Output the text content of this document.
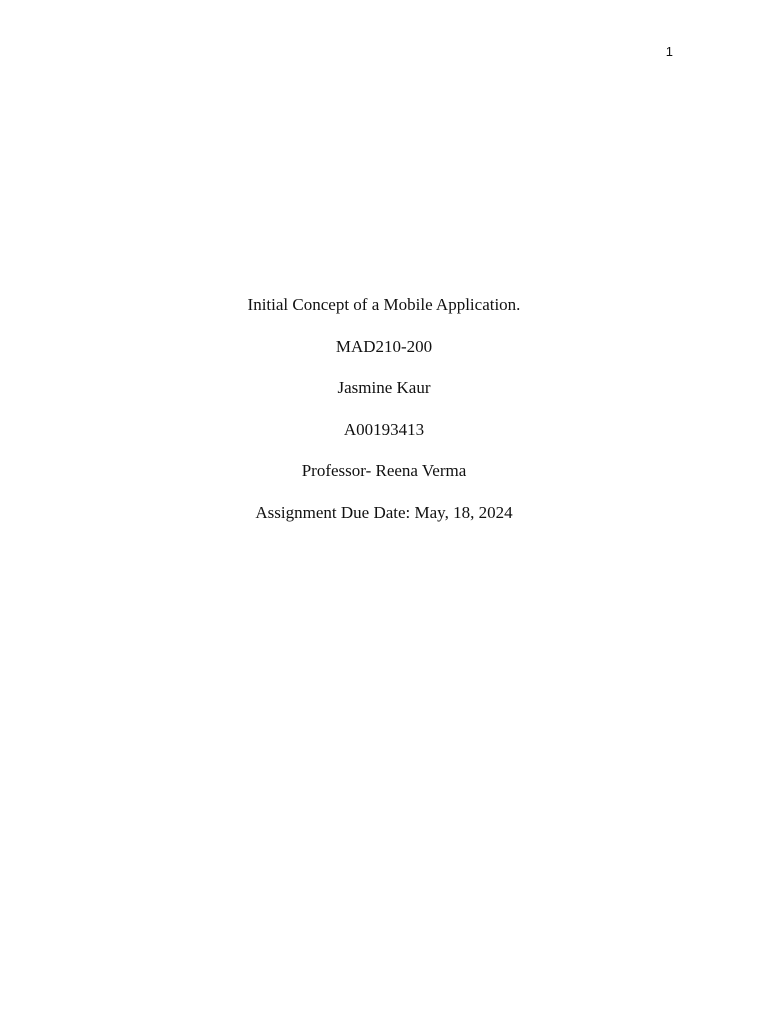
1
Initial Concept of a Mobile Application.
MAD210-200
Jasmine Kaur
A00193413
Professor- Reena Verma
Assignment Due Date: May, 18, 2024
